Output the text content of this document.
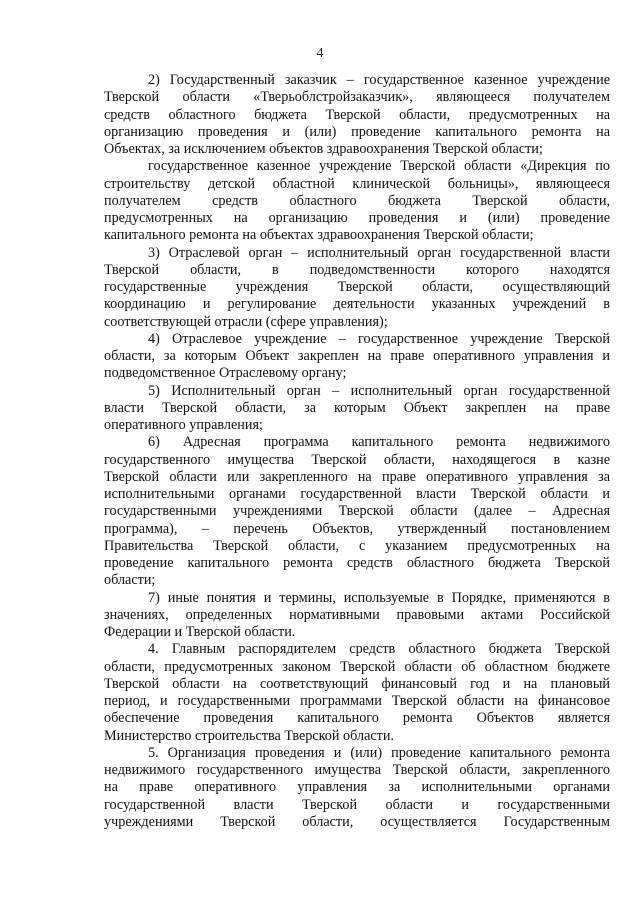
4
2) Государственный заказчик – государственное казенное учреждение
Тверской области «Тверьоблстройзаказчик», являющееся получателем
средств областного бюджета Тверской области, предусмотренных на
организацию проведения и (или) проведение капитального ремонта на
Объектах, за исключением объектов здравоохранения Тверской области;
государственное казенное учреждение Тверской области «Дирекция по
строительству детской областной клинической больницы», являющееся
получателем средств областного бюджета Тверской области,
предусмотренных на организацию проведения и (или) проведение
капитального ремонта на объектах здравоохранения Тверской области;
3) Отраслевой орган – исполнительный орган государственной власти
Тверской области, в подведомственности которого находятся
государственные учреждения Тверской области, осуществляющий
координацию и регулирование деятельности указанных учреждений в
соответствующей отрасли (сфере управления);
4) Отраслевое учреждение – государственное учреждение Тверской
области, за которым Объект закреплен на праве оперативного управления и
подведомственное Отраслевому органу;
5) Исполнительный орган – исполнительный орган государственной
власти Тверской области, за которым Объект закреплен на праве
оперативного управления;
6) Адресная программа капитального ремонта недвижимого
государственного имущества Тверской области, находящегося в казне
Тверской области или закрепленного на праве оперативного управления за
исполнительными органами государственной власти Тверской области и
государственными учреждениями Тверской области (далее – Адресная
программа), – перечень Объектов, утвержденный постановлением
Правительства Тверской области, с указанием предусмотренных на
проведение капитального ремонта средств областного бюджета Тверской
области;
7) иные понятия и термины, используемые в Порядке, применяются в
значениях, определенных нормативными правовыми актами Российской
Федерации и Тверской области.
4. Главным распорядителем средств областного бюджета Тверской
области, предусмотренных законом Тверской области об областном бюджете
Тверской области на соответствующий финансовый год и на плановый
период, и государственными программами Тверской области на финансовое
обеспечение проведения капитального ремонта Объектов является
Министерство строительства Тверской области.
5. Организация проведения и (или) проведение капитального ремонта
недвижимого государственного имущества Тверской области, закрепленного
на праве оперативного управления за исполнительными органами
государственной власти Тверской области и государственными
учреждениями Тверской области, осуществляется Государственным
